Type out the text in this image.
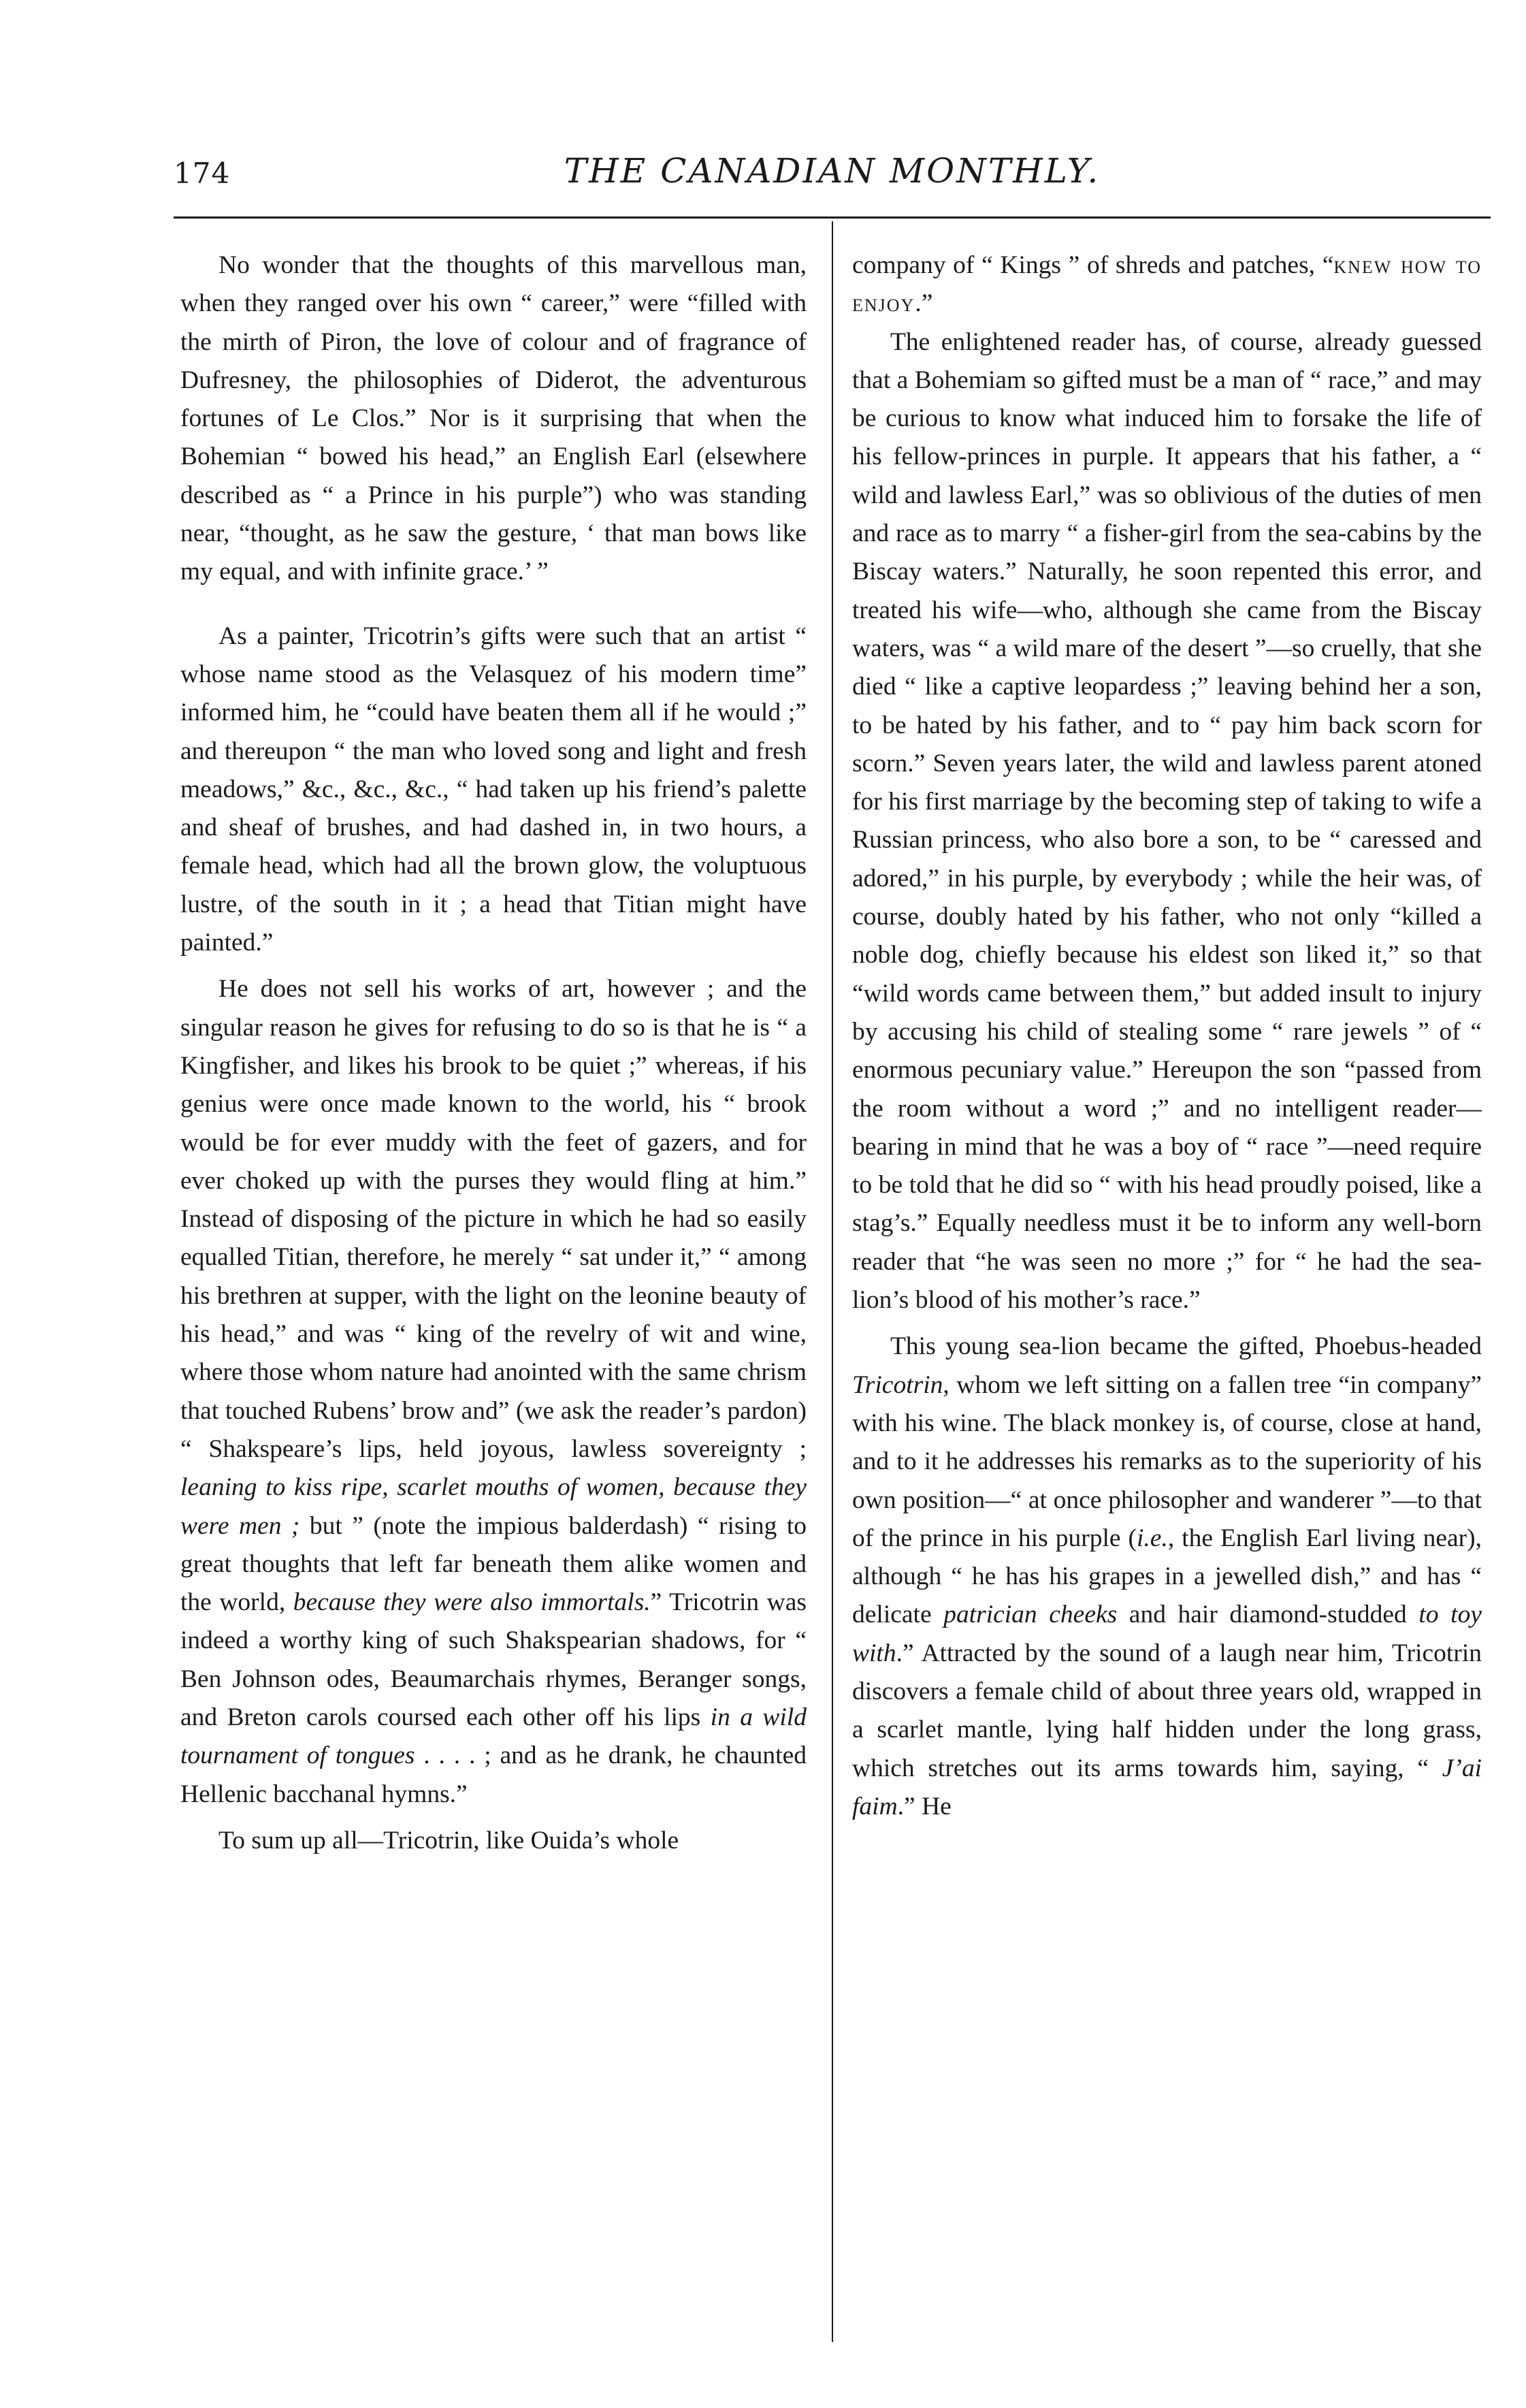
174	THE CANADIAN MONTHLY.

No wonder that the thoughts of this marvellous man, when they ranged over his own “ career,” were “filled with the mirth of Piron, the love of colour and of fragrance of Dufresney, the philosophies of Diderot, the adventurous fortunes of Le Clos.” Nor is it surprising that when the Bohemian “ bowed his head,” an English Earl (elsewhere described as “ a Prince in his purple”) who was standing near, “thought, as he saw the gesture, ‘ that man bows like my equal, and with infinite grace.’ ”

As a painter, Tricotrin’s gifts were such that an artist “ whose name stood as the Velasquez of his modern time” informed him, he “could have beaten them all if he would ;” and thereupon “ the man who loved song and light and fresh meadows,” &c., &c., &c., “ had taken up his friend’s palette and sheaf of brushes, and had dashed in, in two hours, a female head, which had all the brown glow, the voluptuous lustre, of the south in it ; a head that Titian might have painted.”

He does not sell his works of art, however ; and the singular reason he gives for refusing to do so is that he is “ a Kingfisher, and likes his brook to be quiet ;” whereas, if his genius were once made known to the world, his “ brook would be for ever muddy with the feet of gazers, and for ever choked up with the purses they would fling at him.” Instead of disposing of the picture in which he had so easily equalled Titian, therefore, he merely “ sat under it,” “ among his brethren at supper, with the light on the leonine beauty of his head,” and was “ king of the revelry of wit and wine, where those whom nature had anointed with the same chrism that touched Rubens’ brow and” (we ask the reader’s pardon) “ Shakspeare’s lips, held joyous, lawless sovereignty ; leaning to kiss ripe, scarlet mouths of women, because they were men ; but ” (note the impious balderdash) “ rising to great thoughts that left far beneath them alike women and the world, because they were also immortals.” Tricotrin was indeed a worthy king of such Shakspearian shadows, for “ Ben Johnson odes, Beaumarchais rhymes, Beranger songs, and Breton carols coursed each other off his lips in a wild tournament of tongues . . . . ; and as he drank, he chaunted Hellenic bacchanal hymns.”

To sum up all—Tricotrin, like Ouida’s whole

company of “ Kings ” of shreds and patches, “knew how to enjoy.”

The enlightened reader has, of course, already guessed that a Bohemiam so gifted must be a man of “ race,” and may be curious to know what induced him to forsake the life of his fellow-princes in purple. It appears that his father, a “ wild and lawless Earl,” was so oblivious of the duties of men and race as to marry “ a fisher-girl from the sea-cabins by the Biscay waters.” Naturally, he soon repented this error, and treated his wife—who, although she came from the Biscay waters, was “ a wild mare of the desert ”—so cruelly, that she died “ like a captive leopardess ;” leaving behind her a son, to be hated by his father, and to “ pay him back scorn for scorn.” Seven years later, the wild and lawless parent atoned for his first marriage by the becoming step of taking to wife a Russian princess, who also bore a son, to be “ caressed and adored,” in his purple, by everybody ; while the heir was, of course, doubly hated by his father, who not only “killed a noble dog, chiefly because his eldest son liked it,” so that “wild words came between them,” but added insult to injury by accusing his child of stealing some “ rare jewels ” of “ enormous pecuniary value.” Hereupon the son “passed from the room without a word ;” and no intelligent reader—bearing in mind that he was a boy of “ race ”—need require to be told that he did so “ with his head proudly poised, like a stag’s.” Equally needless must it be to inform any well-born reader that “he was seen no more ;” for “ he had the sea-lion’s blood of his mother’s race.”

This young sea-lion became the gifted, Phoebus-headed Tricotrin, whom we left sitting on a fallen tree “in company” with his wine. The black monkey is, of course, close at hand, and to it he addresses his remarks as to the superiority of his own position—“ at once philosopher and wanderer ”—to that of the prince in his purple (i.e., the English Earl living near), although “ he has his grapes in a jewelled dish,” and has “ delicate patrician cheeks and hair diamond-studded to toy with.” Attracted by the sound of a laugh near him, Tricotrin discovers a female child of about three years old, wrapped in a scarlet mantle, lying half hidden under the long grass, which stretches out its arms towards him, saying, “ J’ai faim.” He
